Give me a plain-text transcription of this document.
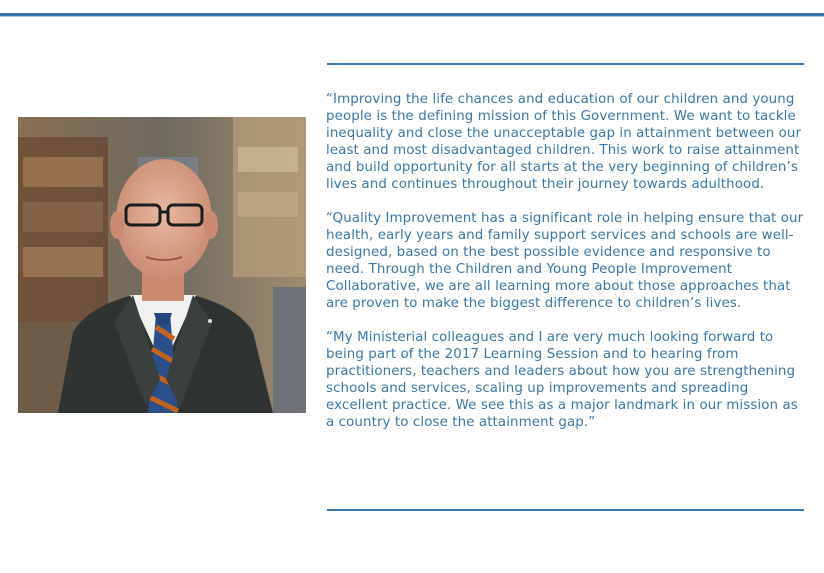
“Improving the life chances and education of our children and young people is the defining mission of this Government. We want to tackle inequality and close the unacceptable gap in attainment between our least and most disadvantaged children. This work to raise attainment and build opportunity for all starts at the very beginning of children’s lives and continues throughout their journey towards adulthood.

“Quality Improvement has a significant role in helping ensure that our health, early years and family support services and schools are well-designed, based on the best possible evidence and responsive to need. Through the Children and Young People Improvement Collaborative, we are all learning more about those approaches that are proven to make the biggest difference to children’s lives.

“My Ministerial colleagues and I are very much looking forward to being part of the 2017 Learning Session and to hearing from practitioners, teachers and leaders about how you are strengthening schools and services, scaling up improvements and spreading excellent practice. We see this as a major landmark in our mission as a country to close the attainment gap.”
